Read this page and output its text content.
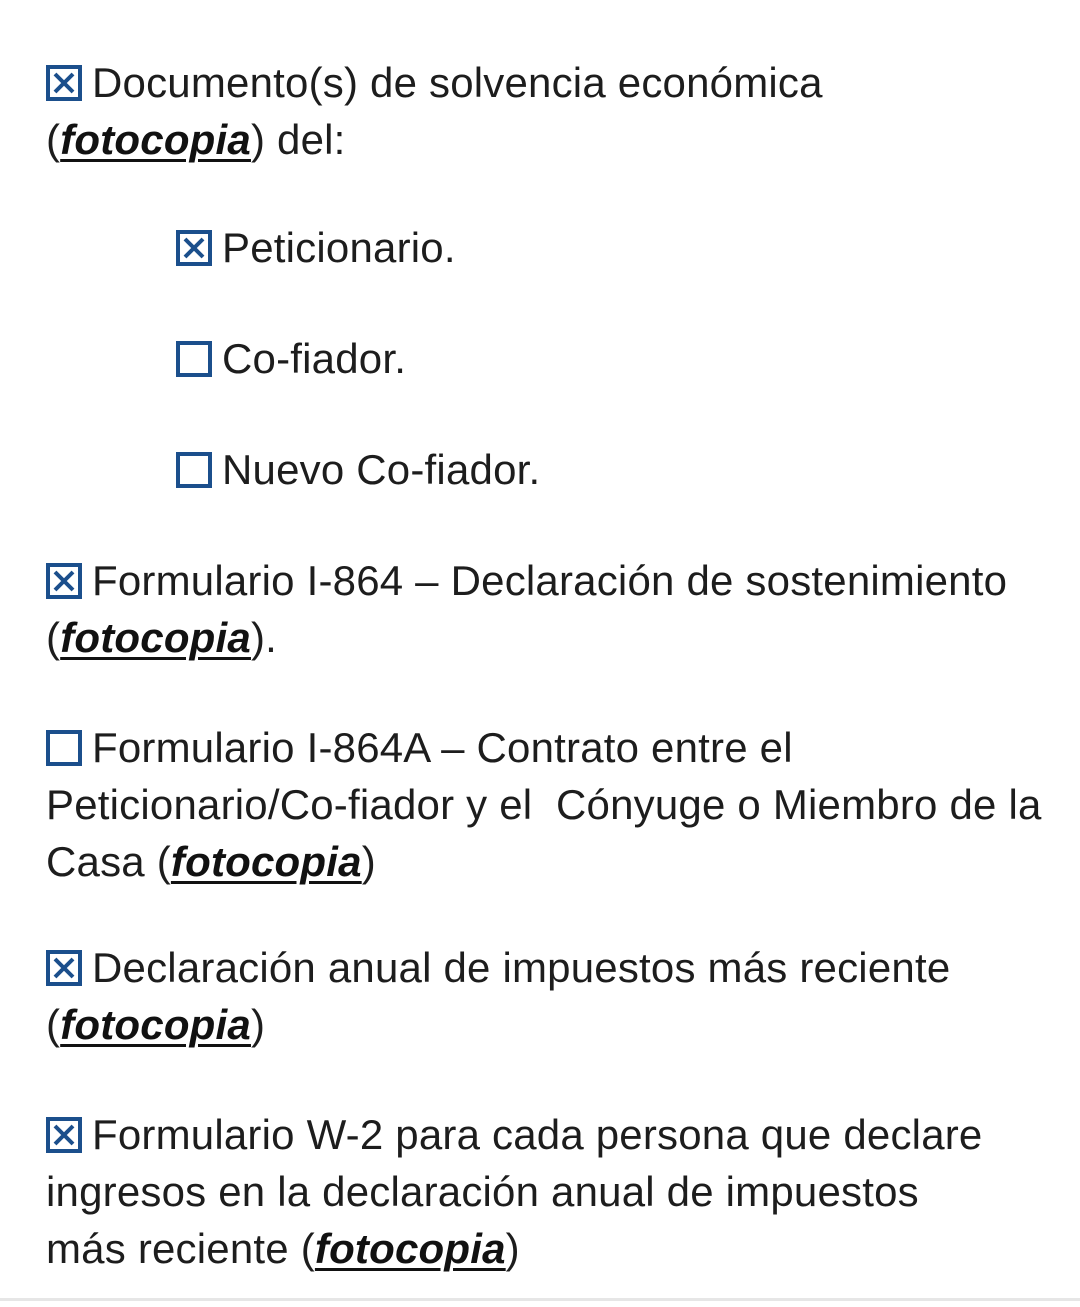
Documento(s) de solvencia económica (fotocopia) del:
Peticionario.
Co-fiador.
Nuevo Co-fiador.
Formulario I-864 – Declaración de sostenimiento (fotocopia).
Formulario I-864A – Contrato entre el Peticionario/Co-fiador y el  Cónyuge o Miembro de la Casa (fotocopia)
Declaración anual de impuestos más reciente (fotocopia)
Formulario W-2 para cada persona que declare ingresos en la declaración anual de impuestos más reciente (fotocopia)
